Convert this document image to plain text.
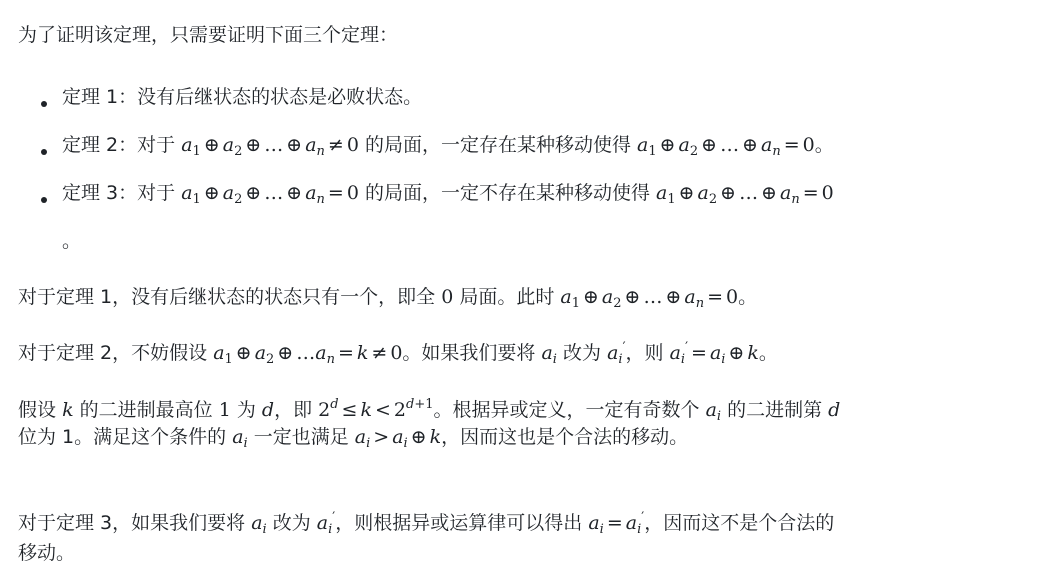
为了证明该定理，只需要证明下面三个定理：
定理 1：没有后继状态的状态是必败状态。
定理 2：对于 $a_1$ ⊕ $a_2$ ⊕ … ⊕ $a_n \ne 0$ 的局面，一定存在某种移动使得 $a_1$ ⊕ $a_2$ ⊕ … ⊕ $a_n = 0$。
定理 3：对于 $a_1$ ⊕ $a_2$ ⊕ … ⊕ $a_n = 0$ 的局面，一定不存在某种移动使得 $a_1$ ⊕ $a_2$ ⊕ … ⊕ $a_n = 0$
。
对于定理 1，没有后继状态的状态只有一个，即全 0 局面。此时 $a_1$ ⊕ $a_2$ ⊕ … ⊕ $a_n = 0$。
对于定理 2，不妨假设 $a_1$ ⊕ $a_2$ ⊕ $\dots a_n = k \ne 0$。如果我们要将 $a_i$ 改为 $a_i'$，则 $a_i' = a_i$ ⊕ k。
假设 k 的二进制最高位 1 为 d，即 $2^d \le k < 2^{d+1}$。根据异或定义，一定有奇数个 $a_i$ 的二进制第 d
位为 1。满足这个条件的 $a_i$ 一定也满足 $a_i > a_i$ ⊕ k，因而这也是个合法的移动。
对于定理 3，如果我们要将 $a_i$ 改为 $a_i'$，则根据异或运算律可以得出 $a_i = a_i'$，因而这不是个合法的
移动。
